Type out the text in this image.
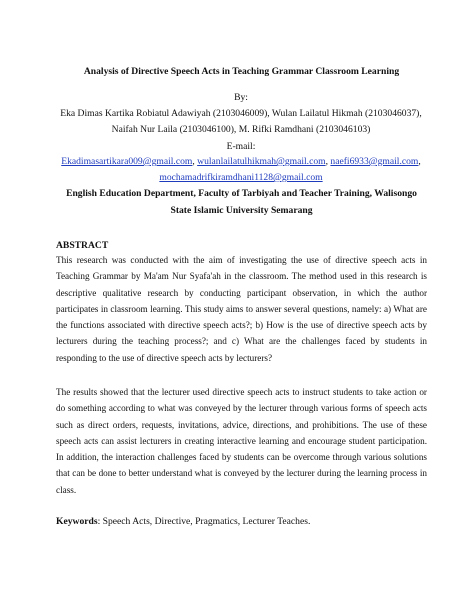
Analysis of Directive Speech Acts in Teaching Grammar Classroom Learning
By:
Eka Dimas Kartika Robiatul Adawiyah (2103046009), Wulan Lailatul Hikmah (2103046037),
Naifah Nur Laila (2103046100), M. Rifki Ramdhani (2103046103)
E-mail:
Ekadimasartikara009@gmail.com, wulanlailatulhikmah@gmail.com, naefi6933@gmail.com,
mochamadrifkiramdhani1128@gmail.com
English Education Department, Faculty of Tarbiyah and Teacher Training, Walisongo
State Islamic University Semarang
ABSTRACT
This research was conducted with the aim of investigating the use of directive speech acts in Teaching Grammar by Ma'am Nur Syafa'ah in the classroom. The method used in this research is descriptive qualitative research by conducting participant observation, in which the author participates in classroom learning. This study aims to answer several questions, namely: a) What are the functions associated with directive speech acts?; b) How is the use of directive speech acts by lecturers during the teaching process?; and c) What are the challenges faced by students in responding to the use of directive speech acts by lecturers?
The results showed that the lecturer used directive speech acts to instruct students to take action or do something according to what was conveyed by the lecturer through various forms of speech acts such as direct orders, requests, invitations, advice, directions, and prohibitions. The use of these speech acts can assist lecturers in creating interactive learning and encourage student participation. In addition, the interaction challenges faced by students can be overcome through various solutions that can be done to better understand what is conveyed by the lecturer during the learning process in class.
Keywords: Speech Acts, Directive, Pragmatics, Lecturer Teaches.
